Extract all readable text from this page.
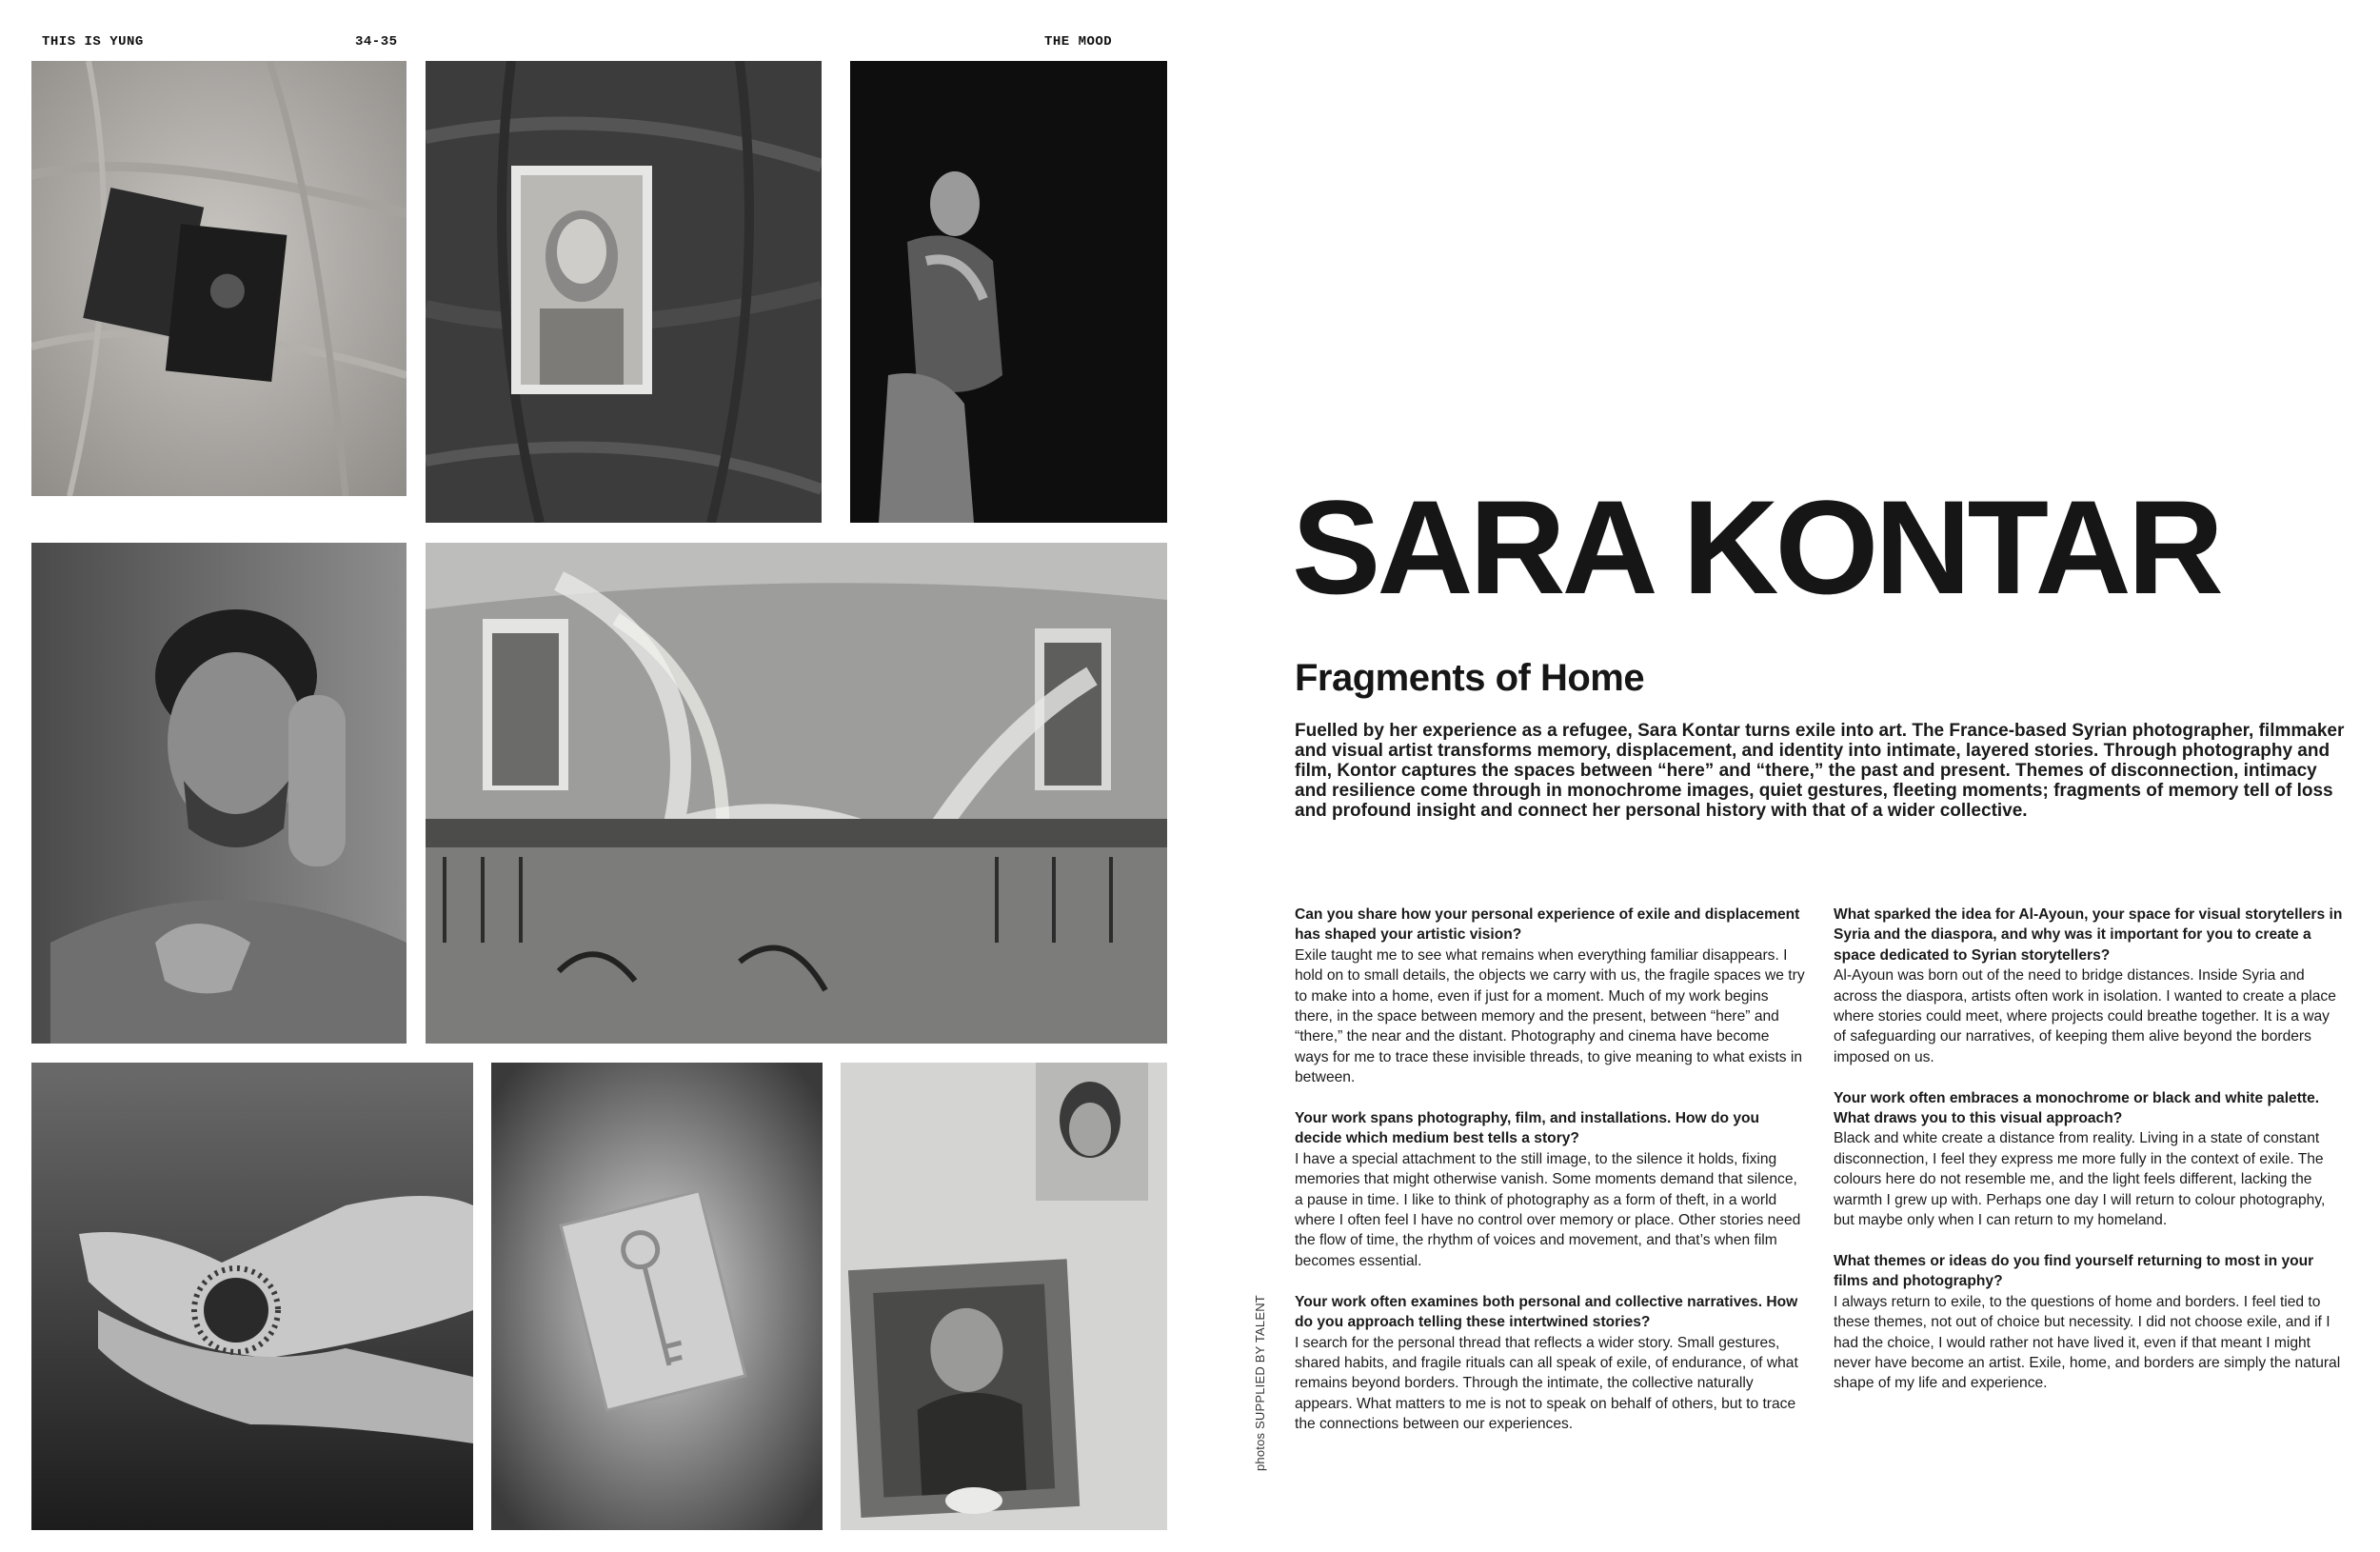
THIS IS YUNG	34-35	THE MOOD
SARA KONTAR
Fragments of Home

Fuelled by her experience as a refugee, Sara Kontar turns exile into art. The France-based Syrian photographer, filmmaker and visual artist transforms memory, displacement, and identity into intimate, layered stories. Through photography and film, Kontor captures the spaces between “here” and “there,” the past and present. Themes of disconnection, intimacy and resilience come through in monochrome images, quiet gestures, fleeting moments; fragments of memory tell of loss and profound insight and connect her personal history with that of a wider collective.

Can you share how your personal experience of exile and displacement has shaped your artistic vision?
Exile taught me to see what remains when everything familiar disappears. I hold on to small details, the objects we carry with us, the fragile spaces we try to make into a home, even if just for a moment. Much of my work begins there, in the space between memory and the present, between “here” and “there,” the near and the distant. Photography and cinema have become ways for me to trace these invisible threads, to give meaning to what exists in between.

Your work spans photography, film, and installations. How do you decide which medium best tells a story?
I have a special attachment to the still image, to the silence it holds, fixing memories that might otherwise vanish. Some moments demand that silence, a pause in time. I like to think of photography as a form of theft, in a world where I often feel I have no control over memory or place. Other stories need the flow of time, the rhythm of voices and movement, and that’s when film becomes essential.

Your work often examines both personal and collective narratives. How do you approach telling these intertwined stories?
I search for the personal thread that reflects a wider story. Small gestures, shared habits, and fragile rituals can all speak of exile, of endurance, of what remains beyond borders. Through the intimate, the collective naturally appears. What matters to me is not to speak on behalf of others, but to trace the connections between our experiences.

What sparked the idea for Al-Ayoun, your space for visual storytellers in Syria and the diaspora, and why was it important for you to create a space dedicated to Syrian storytellers?
Al-Ayoun was born out of the need to bridge distances. Inside Syria and across the diaspora, artists often work in isolation. I wanted to create a place where stories could meet, where projects could breathe together. It is a way of safeguarding our narratives, of keeping them alive beyond the borders imposed on us.

Your work often embraces a monochrome or black and white palette. What draws you to this visual approach?
Black and white create a distance from reality. Living in a state of constant disconnection, I feel they express me more fully in the context of exile. The colours here do not resemble me, and the light feels different, lacking the warmth I grew up with. Perhaps one day I will return to colour photography, but maybe only when I can return to my homeland.

What themes or ideas do you find yourself returning to most in your films and photography?
I always return to exile, to the questions of home and borders. I feel tied to these themes, not out of choice but necessity. I did not choose exile, and if I had the choice, I would rather not have lived it, even if that meant I might never have become an artist. Exile, home, and borders are simply the natural shape of my life and experience.

photos SUPPLIED BY TALENT
